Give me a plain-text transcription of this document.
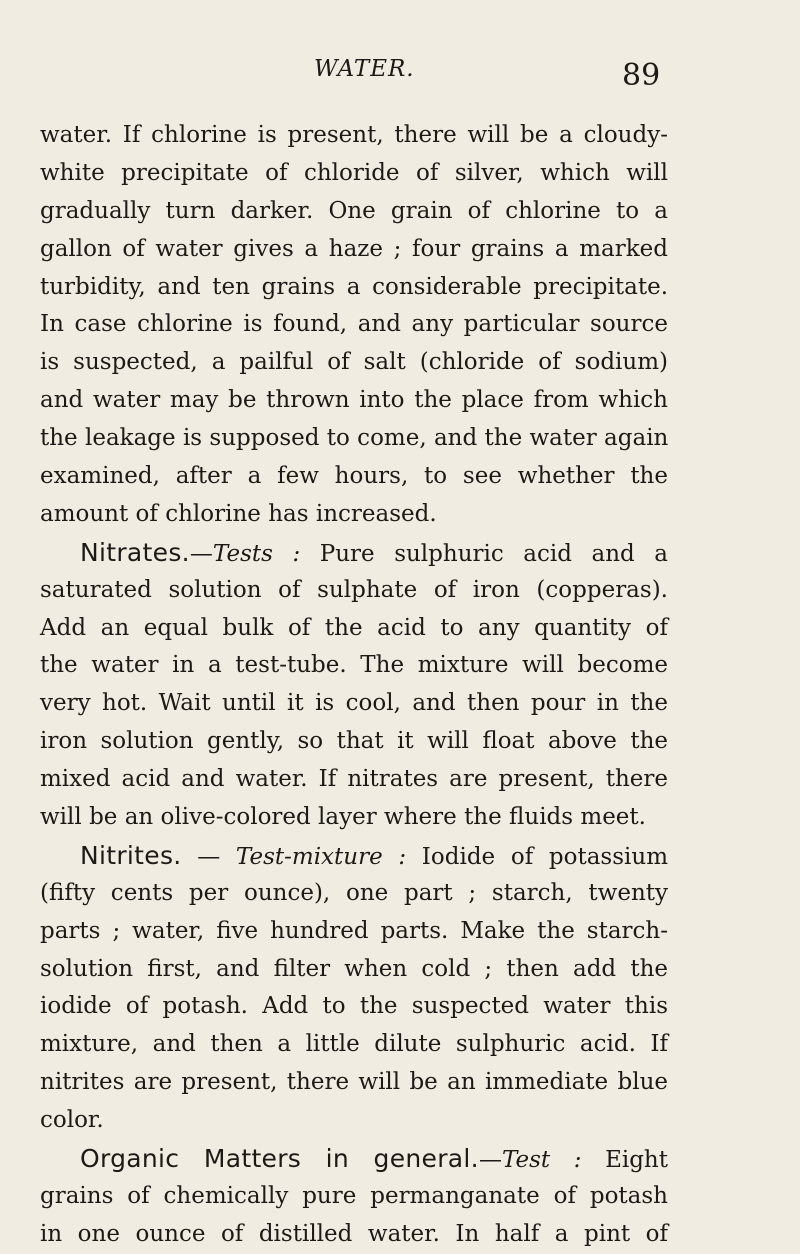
WATER.	89
water. If chlorine is present, there will be a cloudy-
white precipitate of chloride of silver, which will
gradually turn darker. One grain of chlorine to a
gallon of water gives a haze ; four grains a marked
turbidity, and ten grains a considerable precipitate.
In case chlorine is found, and any particular source
is suspected, a pailful of salt (chloride of sodium)
and water may be thrown into the place from which
the leakage is supposed to come, and the water again
examined, after a few hours, to see whether the
amount of chlorine has increased.
Nitrates.—Tests : Pure sulphuric acid and a
saturated solution of sulphate of iron (copperas).
Add an equal bulk of the acid to any quantity of
the water in a test-tube. The mixture will become
very hot. Wait until it is cool, and then pour in the
iron solution gently, so that it will float above the
mixed acid and water. If nitrates are present, there
will be an olive-colored layer where the fluids meet.
Nitrites. — Test-mixture : Iodide of potassium
(fifty cents per ounce), one part ; starch, twenty
parts ; water, five hundred parts. Make the starch-
solution first, and filter when cold ; then add the
iodide of potash. Add to the suspected water this
mixture, and then a little dilute sulphuric acid. If
nitrites are present, there will be an immediate blue
color.
Organic Matters in general.—Test : Eight
grains of chemically pure permanganate of potash
in one ounce of distilled water. In half a pint of
